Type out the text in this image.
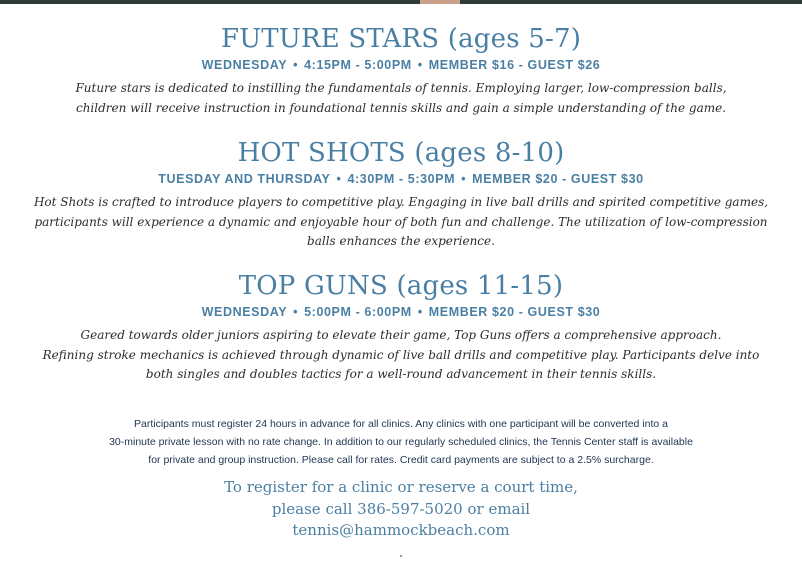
FUTURE STARS (ages 5-7)
WEDNESDAY • 4:15PM - 5:00PM • MEMBER $16 - GUEST $26
Future stars is dedicated to instilling the fundamentals of tennis. Employing larger, low-compression balls,
children will receive instruction in foundational tennis skills and gain a simple understanding of the game.
HOT SHOTS (ages 8-10)
TUESDAY AND THURSDAY • 4:30PM - 5:30PM • MEMBER $20 - GUEST $30
Hot Shots is crafted to introduce players to competitive play. Engaging in live ball drills and spirited competitive games,
participants will experience a dynamic and enjoyable hour of both fun and challenge. The utilization of low-compression
balls enhances the experience.
TOP GUNS (ages 11-15)
WEDNESDAY • 5:00PM - 6:00PM • MEMBER $20 - GUEST $30
Geared towards older juniors aspiring to elevate their game, Top Guns offers a comprehensive approach.
Refining stroke mechanics is achieved through dynamic of live ball drills and competitive play. Participants delve into
both singles and doubles tactics for a well-round advancement in their tennis skills.
Participants must register 24 hours in advance for all clinics. Any clinics with one participant will be converted into a
30-minute private lesson with no rate change. In addition to our regularly scheduled clinics, the Tennis Center staff is available
for private and group instruction. Please call for rates. Credit card payments are subject to a 2.5% surcharge.
To register for a clinic or reserve a court time,
please call 386-597-5020 or email
tennis@hammockbeach.com
.
